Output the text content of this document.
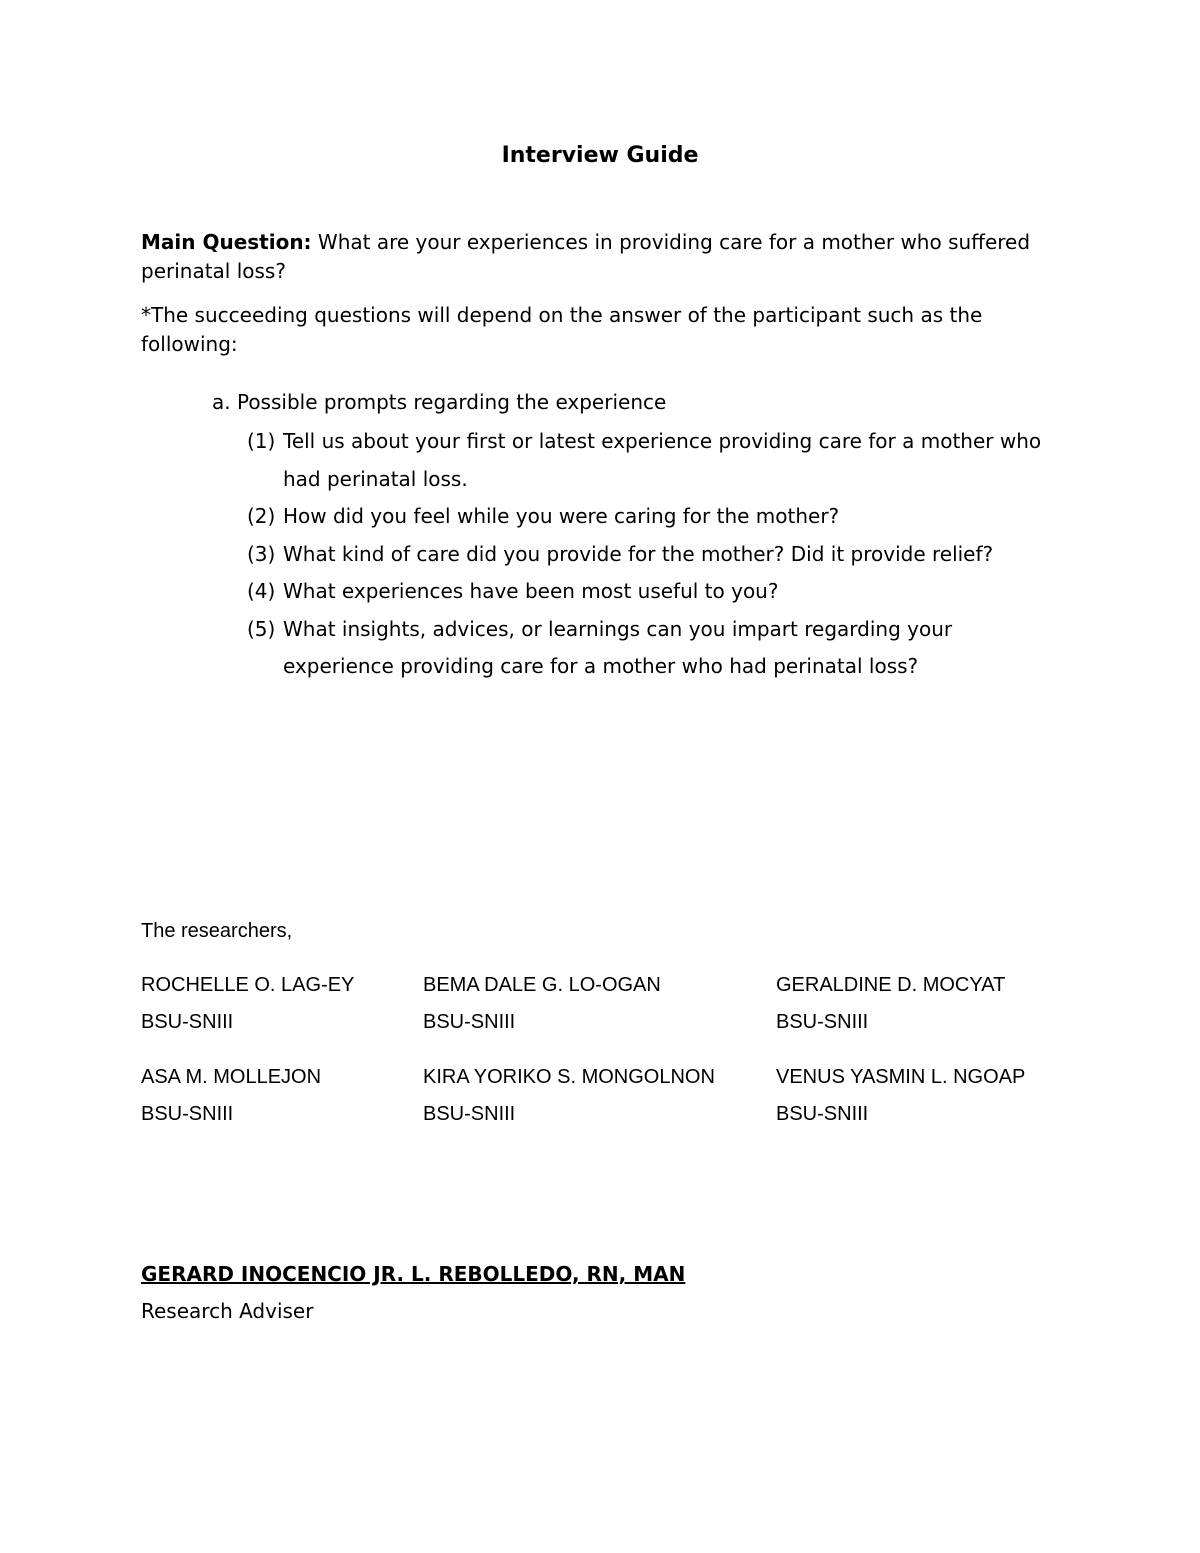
Interview Guide
Main Question: What are your experiences in providing care for a mother who suffered perinatal loss?
*The succeeding questions will depend on the answer of the participant such as the following:
a. Possible prompts regarding the experience
(1) Tell us about your first or latest experience providing care for a mother who had perinatal loss.
(2) How did you feel while you were caring for the mother?
(3) What kind of care did you provide for the mother? Did it provide relief?
(4) What experiences have been most useful to you?
(5) What insights, advices, or learnings can you impart regarding your experience providing care for a mother who had perinatal loss?
The researchers,
ROCHELLE O. LAG-EY
BSU-SNIII
BEMA DALE G. LO-OGAN
BSU-SNIII
GERALDINE D. MOCYAT
BSU-SNIII
ASA M. MOLLEJON
BSU-SNIII
KIRA YORIKO S. MONGOLNON
BSU-SNIII
VENUS YASMIN L. NGOAP
BSU-SNIII
GERARD INOCENCIO JR. L. REBOLLEDO, RN, MAN
Research Adviser
